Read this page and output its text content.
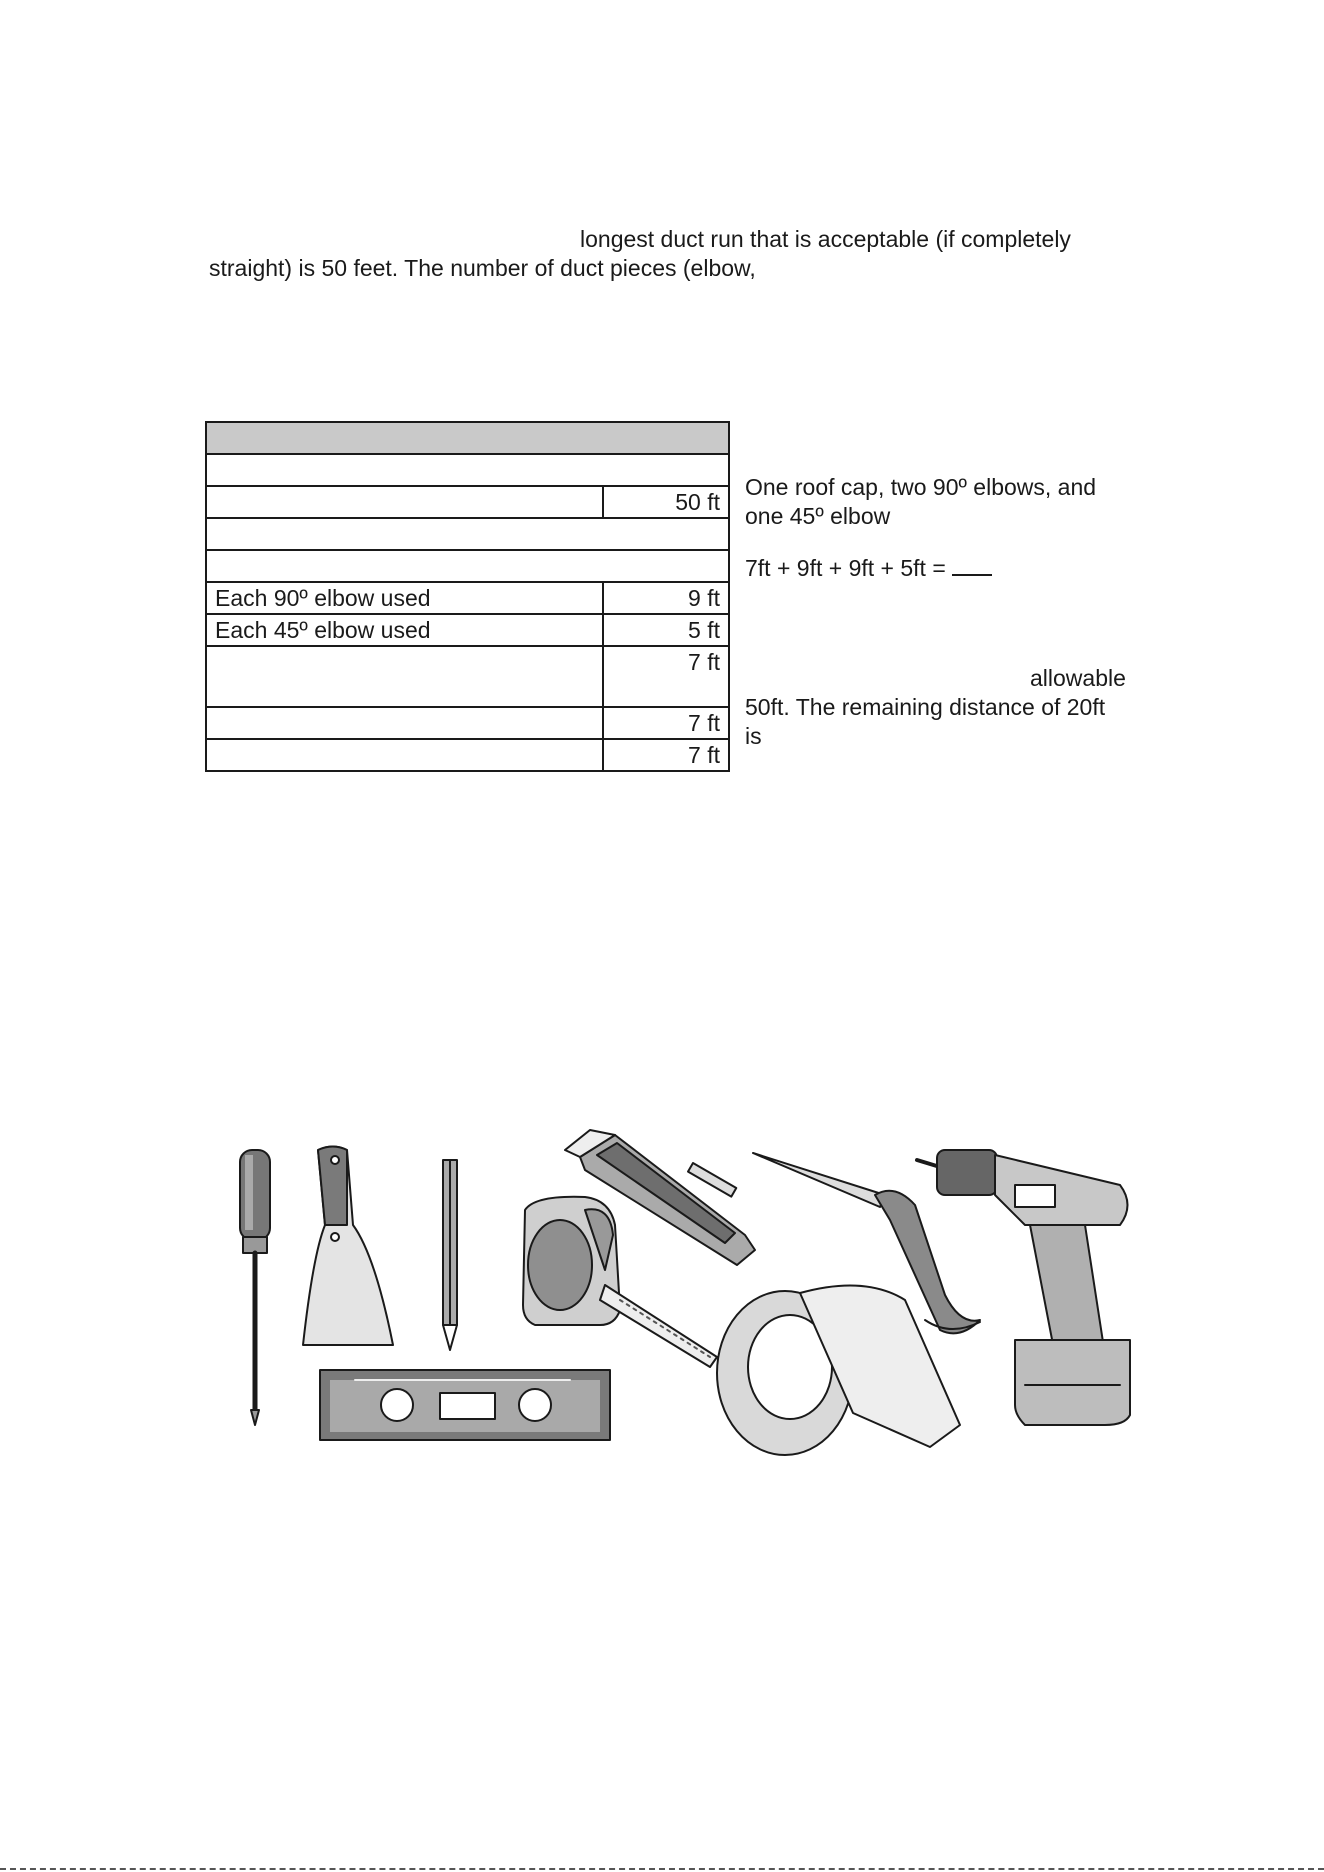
longest duct run that is acceptable (if completely
straight) is 50 feet. The number of duct pieces (elbow,

	50 ft

Each 90º elbow used	9 ft
Each 45º elbow used	5 ft
	7 ft
	7 ft
	7 ft
One roof cap, two 90º elbows, and
one 45º elbow
7ft + 9ft + 9ft + 5ft =
allowable
50ft. The remaining distance of 20ft
is
